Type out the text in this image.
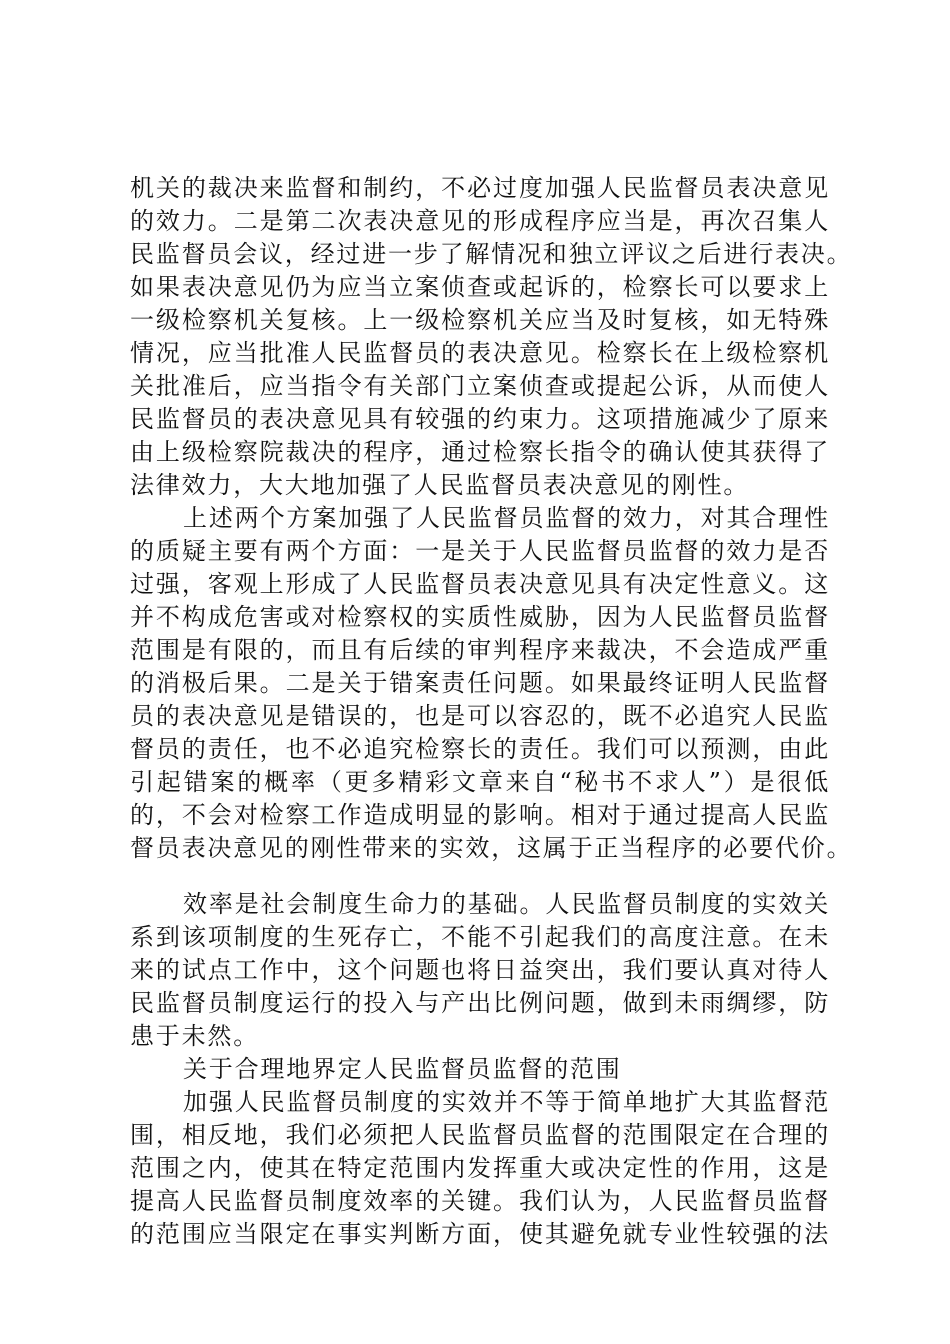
机关的裁决来监督和制约，不必过度加强人民监督员表决意见
的效力。二是第二次表决意见的形成程序应当是，再次召集人
民监督员会议，经过进一步了解情况和独立评议之后进行表决。
如果表决意见仍为应当立案侦查或起诉的，检察长可以要求上
一级检察机关复核。上一级检察机关应当及时复核，如无特殊
情况，应当批准人民监督员的表决意见。检察长在上级检察机
关批准后，应当指令有关部门立案侦查或提起公诉，从而使人
民监督员的表决意见具有较强的约束力。这项措施减少了原来
由上级检察院裁决的程序，通过检察长指令的确认使其获得了
法律效力，大大地加强了人民监督员表决意见的刚性。
上述两个方案加强了人民监督员监督的效力，对其合理性
的质疑主要有两个方面：一是关于人民监督员监督的效力是否
过强，客观上形成了人民监督员表决意见具有决定性意义。这
并不构成危害或对检察权的实质性威胁，因为人民监督员监督
范围是有限的，而且有后续的审判程序来裁决，不会造成严重
的消极后果。二是关于错案责任问题。如果最终证明人民监督
员的表决意见是错误的，也是可以容忍的，既不必追究人民监
督员的责任，也不必追究检察长的责任。我们可以预测，由此
引起错案的概率（更多精彩文章来自“秘书不求人”）是很低
的，不会对检察工作造成明显的影响。相对于通过提高人民监
督员表决意见的刚性带来的实效，这属于正当程序的必要代价。
效率是社会制度生命力的基础。人民监督员制度的实效关
系到该项制度的生死存亡，不能不引起我们的高度注意。在未
来的试点工作中，这个问题也将日益突出，我们要认真对待人
民监督员制度运行的投入与产出比例问题，做到未雨绸缪，防
患于未然。
关于合理地界定人民监督员监督的范围
加强人民监督员制度的实效并不等于简单地扩大其监督范
围，相反地，我们必须把人民监督员监督的范围限定在合理的
范围之内，使其在特定范围内发挥重大或决定性的作用，这是
提高人民监督员制度效率的关键。我们认为，人民监督员监督
的范围应当限定在事实判断方面，使其避免就专业性较强的法
